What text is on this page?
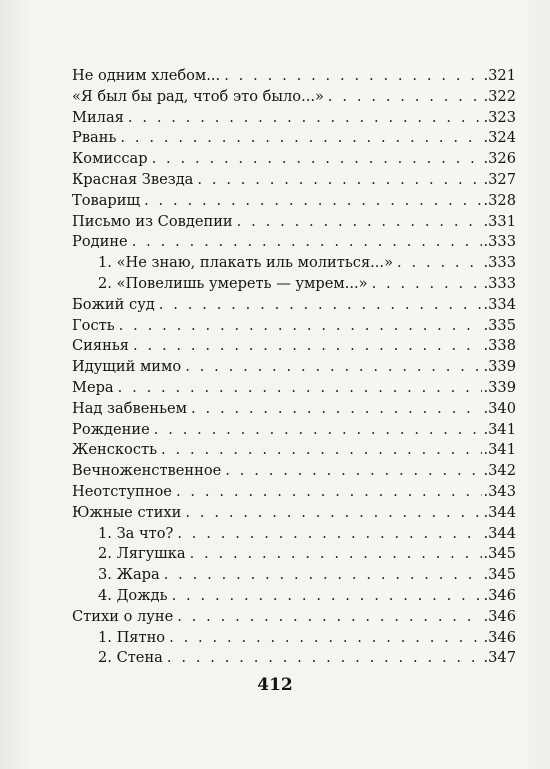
Не одним хлебом... . . .	.321
«Я был бы рад, чтоб это было...» . . .	.322
Милая . . .	.323
Рвань . . .	.324
Комиссар . . .	.326
Красная Звезда . . .	.327
Товарищ . . .	.328
Письмо из Совдепии . . .	.331
Родине . . .	.333
1. «Не знаю, плакать иль молиться...» . . .	.333
2. «Повелишь умереть — умрем...» . . .	.333
Божий суд . . .	.334
Гость . . .	.335
Сиянья . . .	.338
Идущий мимо . . .	.339
Мера . . .	.339
Над забвеньем . . .	.340
Рождение . . .	.341
Женскость . . .	.341
Вечноженственное . . .	.342
Неотступное . . .	.343
Южные стихи . . .	.344
1. За что? . . .	.344
2. Лягушка . . .	.345
3. Жара . . .	.345
4. Дождь . . .	.346
Стихи о луне . . .	.346
1. Пятно . . .	.346
2. Стена . . .	.347
412
